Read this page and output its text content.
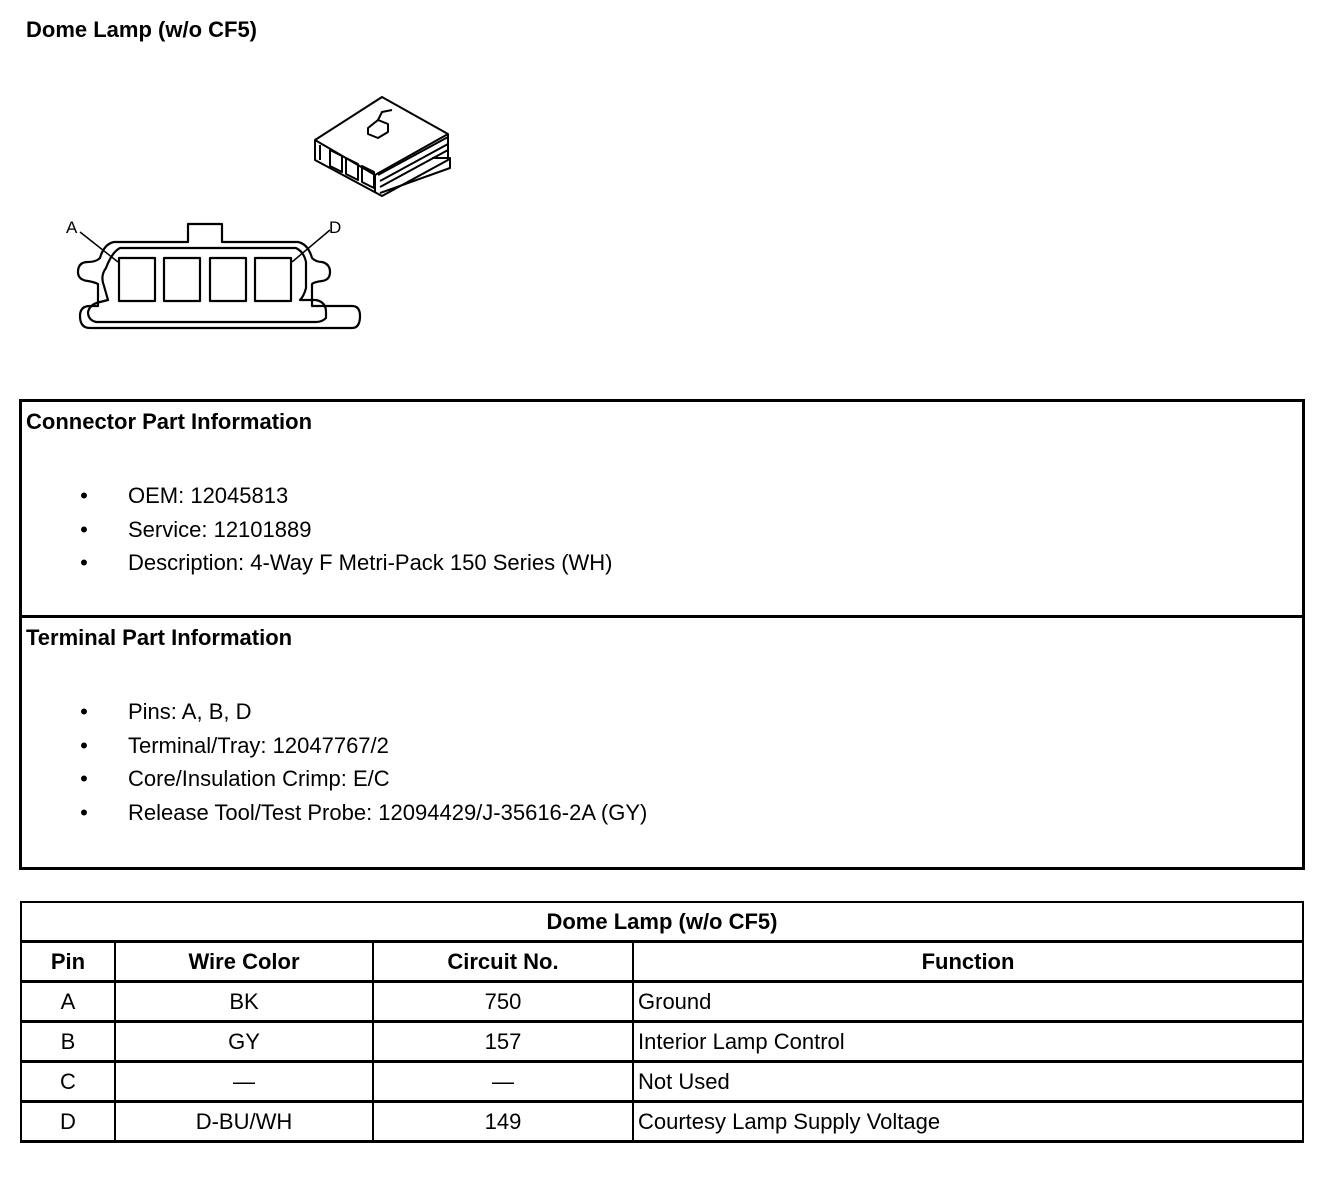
Dome Lamp (w/o CF5)
A	D
Connector Part Information
• OEM: 12045813
• Service: 12101889
• Description: 4-Way F Metri-Pack 150 Series (WH)
Terminal Part Information
• Pins: A, B, D
• Terminal/Tray: 12047767/2
• Core/Insulation Crimp: E/C
• Release Tool/Test Probe: 12094429/J-35616-2A (GY)
Dome Lamp (w/o CF5)			
Pin	Wire Color	Circuit No.	Function
A	BK	750	Ground
B	GY	157	Interior Lamp Control
C	—	—	Not Used
D	D-BU/WH	149	Courtesy Lamp Supply Voltage
